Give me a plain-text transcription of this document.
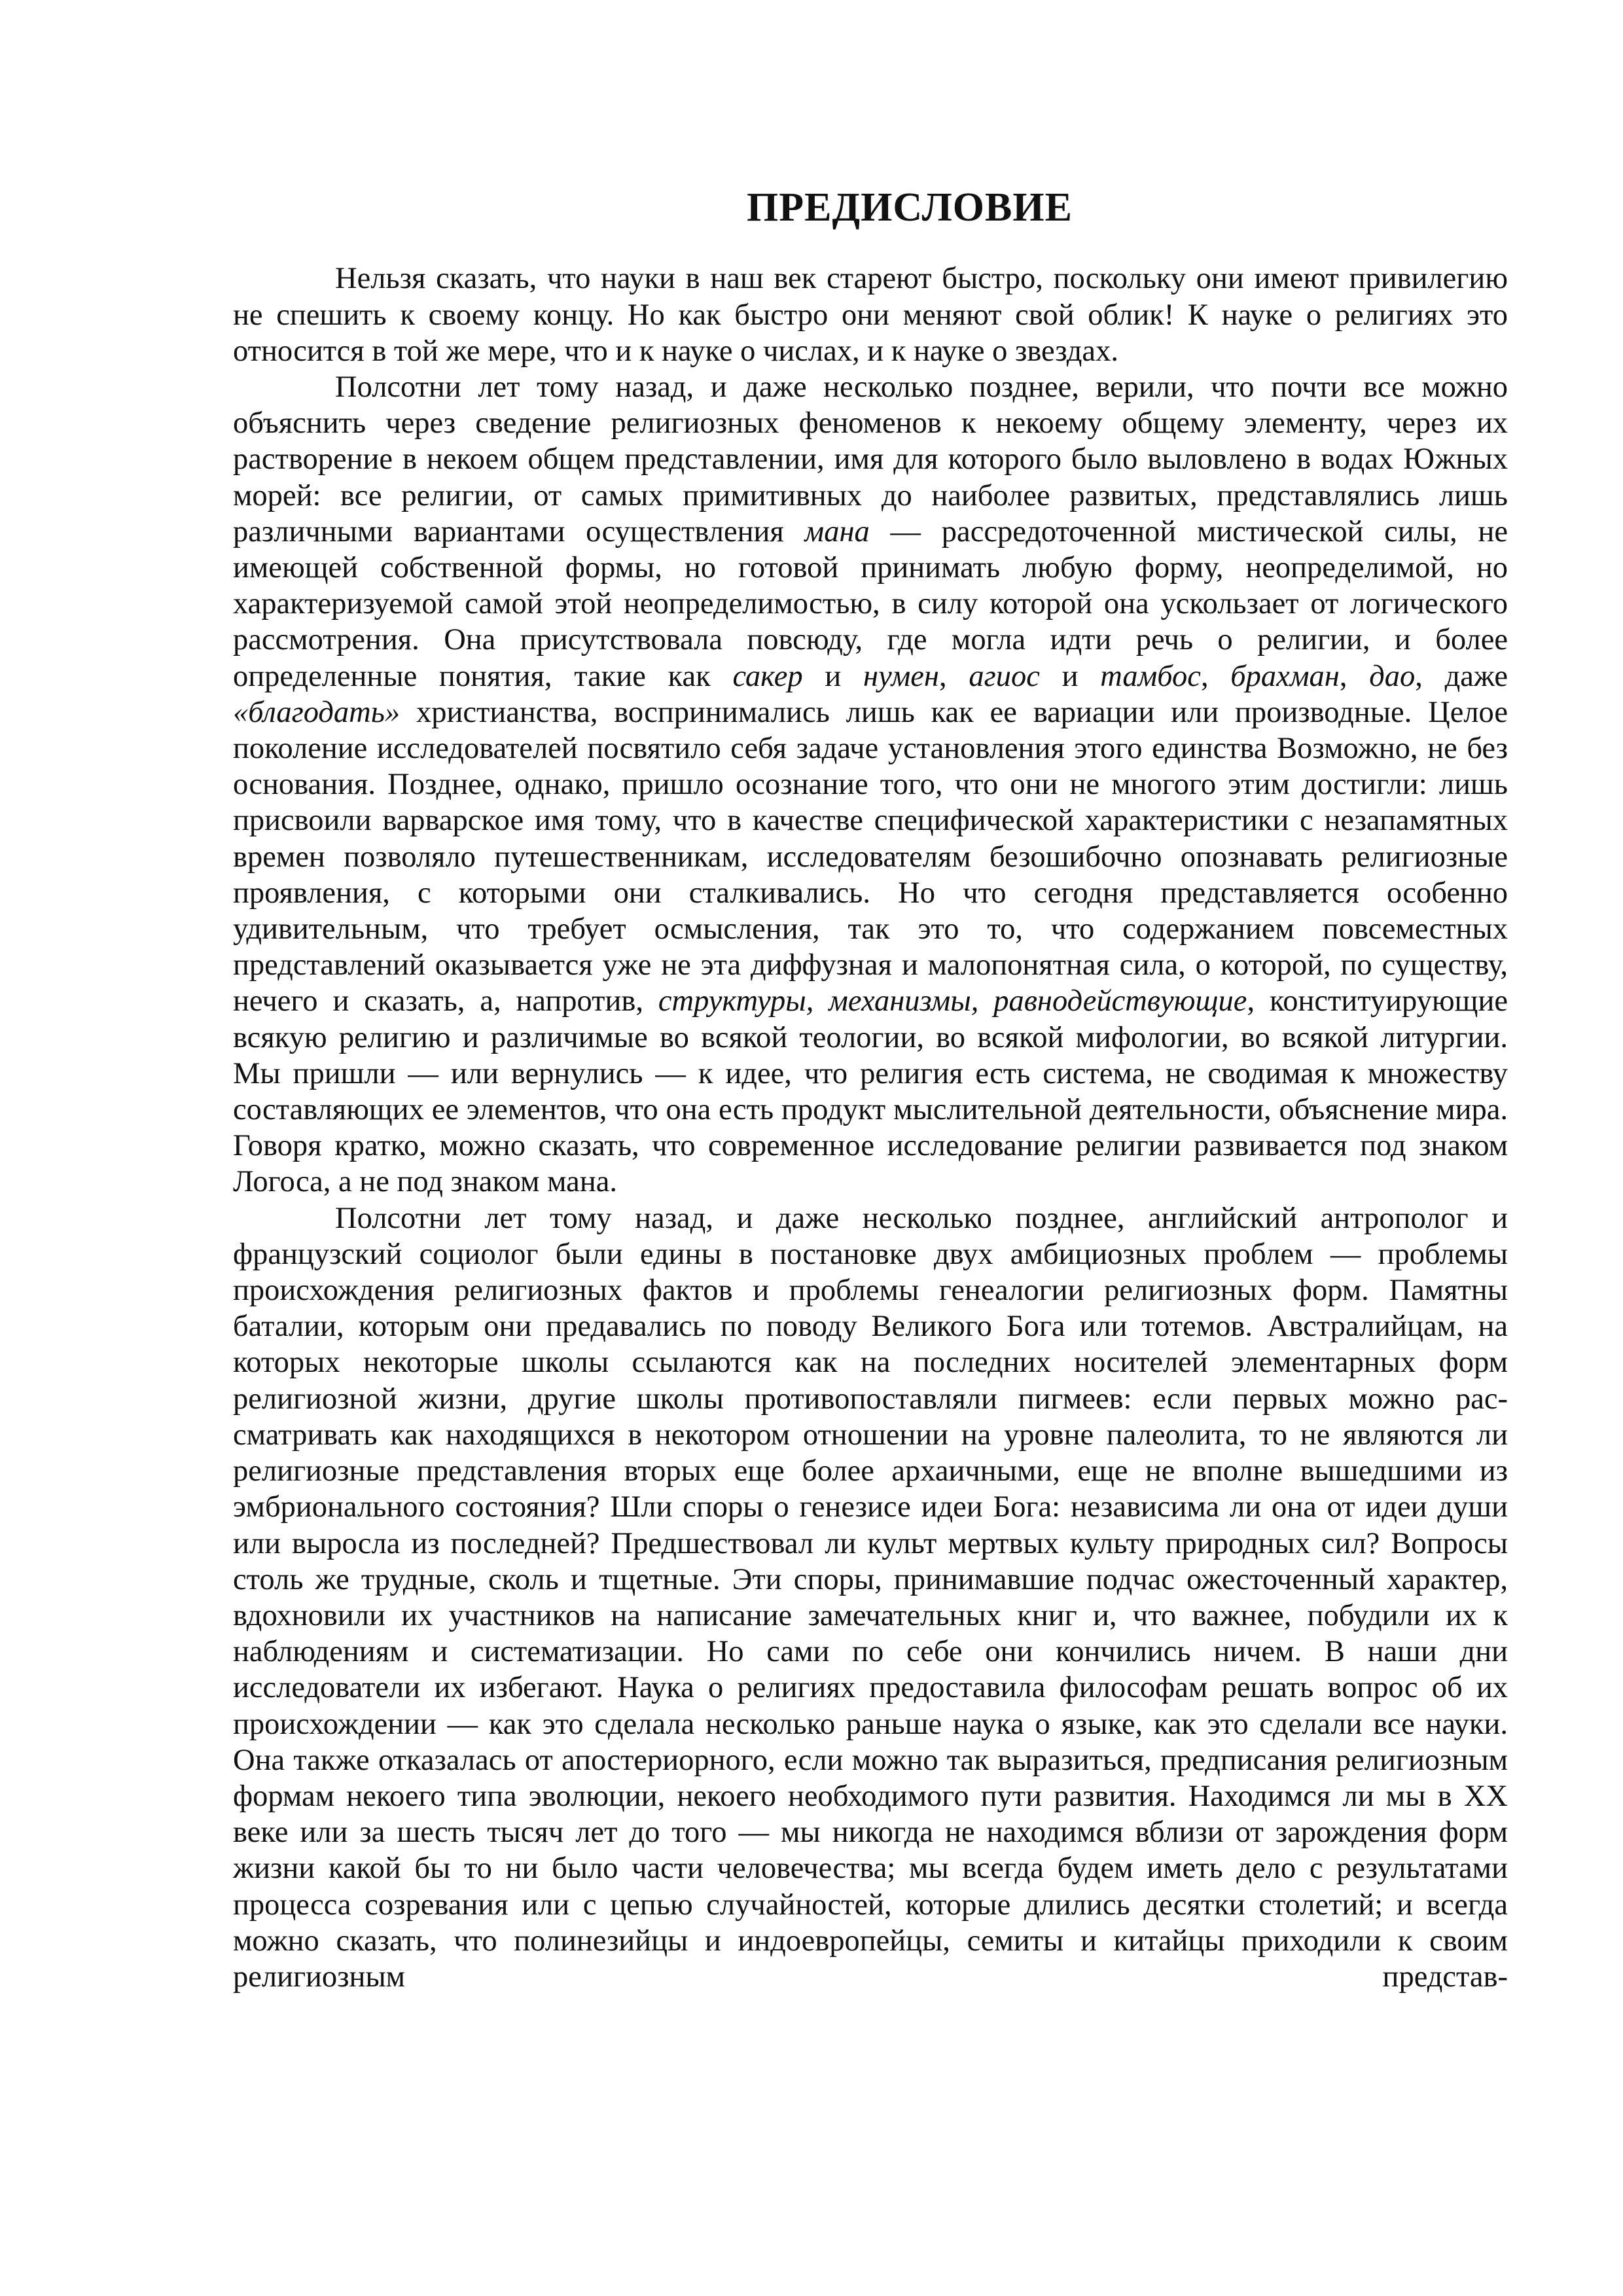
ПРЕДИСЛОВИЕ

Нельзя сказать, что науки в наш век стареют быстро, поскольку они имеют привилегию не спешить к своему концу. Но как быстро они меняют свой облик! К науке о религиях это относится в той же мере, что и к науке о числах, и к науке о звездах.

Полсотни лет тому назад, и даже несколько позднее, верили, что почти все можно объяснить через сведение религиозных феноменов к некоему общему элементу, через их растворение в некоем общем представлении, имя для которого было выловлено в водах Южных морей: все религии, от самых примитивных до наиболее развитых, представлялись лишь различными вариантами осуществления мана — рассредоточенной мистической силы, не имеющей собственной формы, но готовой принимать любую форму, неопределимой, но характеризуемой самой этой неопределимостью, в силу которой она ускользает от логического рассмотрения. Она присутствовала повсюду, где могла идти речь о религии, и более определенные понятия, такие как сакер и нумен, агиос и тамбос, брахман, дао, даже «благодать» христианства, воспринимались лишь как ее вариации или производные. Целое поколение исследователей посвятило себя задаче установления этого единства Возможно, не без основания. Позднее, однако, пришло осознание того, что они не многого этим достигли: лишь присвоили варварское имя тому, что в качестве специфической характеристики с незапамятных времен позволяло путешественникам, исследователям безошибочно опознавать религиозные проявления, с которыми они сталкивались. Но что сегодня представляется особенно удивительным, что требует осмысления, так это то, что содержанием повсеместных представлений оказывается уже не эта диффузная и малопонятная сила, о которой, по существу, нечего и сказать, а, напротив, структуры, механизмы, равнодействующие, конституирующие всякую религию и различимые во всякой теологии, во всякой мифологии, во всякой литургии. Мы пришли — или вернулись — к идее, что религия есть система, не сводимая к множеству составляющих ее элементов, что она есть продукт мыслительной деятельности, объяснение мира. Говоря кратко, можно сказать, что современное исследование религии развивается под знаком Логоса, а не под знаком мана.

Полсотни лет тому назад, и даже несколько позднее, английский антрополог и французский социолог были едины в постановке двух амбициозных проблем — проблемы происхождения религиозных фактов и проблемы генеалогии религиозных форм. Памятны баталии, которым они предавались по поводу Великого Бога или тотемов. Австралийцам, на которых некоторые школы ссылаются как на последних носителей элементарных форм религиозной жизни, другие школы противопоставляли пигмеев: если первых можно рассматривать как находящихся в некотором отношении на уровне палеолита, то не являются ли религиозные представления вторых еще более архаичными, еще не вполне вышедшими из эмбрионального состояния? Шли споры о генезисе идеи Бога: независима ли она от идеи души или выросла из последней? Предшествовал ли культ мертвых культу природных сил? Вопросы столь же трудные, сколь и тщетные. Эти споры, принимавшие подчас ожесточенный характер, вдохновили их участников на написание замечательных книг и, что важнее, побудили их к наблюдениям и систематизации. Но сами по себе они кончились ничем. В наши дни исследователи их избегают. Наука о религиях предоставила философам решать вопрос об их происхождении — как это сделала несколько раньше наука о языке, как это сделали все науки. Она также отказалась от апостериорного, если можно так выразиться, предписания религиозным формам некоего типа эволюции, некоего необходимого пути развития. Находимся ли мы в XX веке или за шесть тысяч лет до того — мы никогда не находимся вблизи от зарождения форм жизни какой бы то ни было части человечества; мы всегда будем иметь дело с результатами процесса созревания или с цепью случайностей, которые длились десятки столетий; и всегда можно сказать, что полинезийцы и индоевропейцы, семиты и китайцы приходили к своим религиозным представ-
